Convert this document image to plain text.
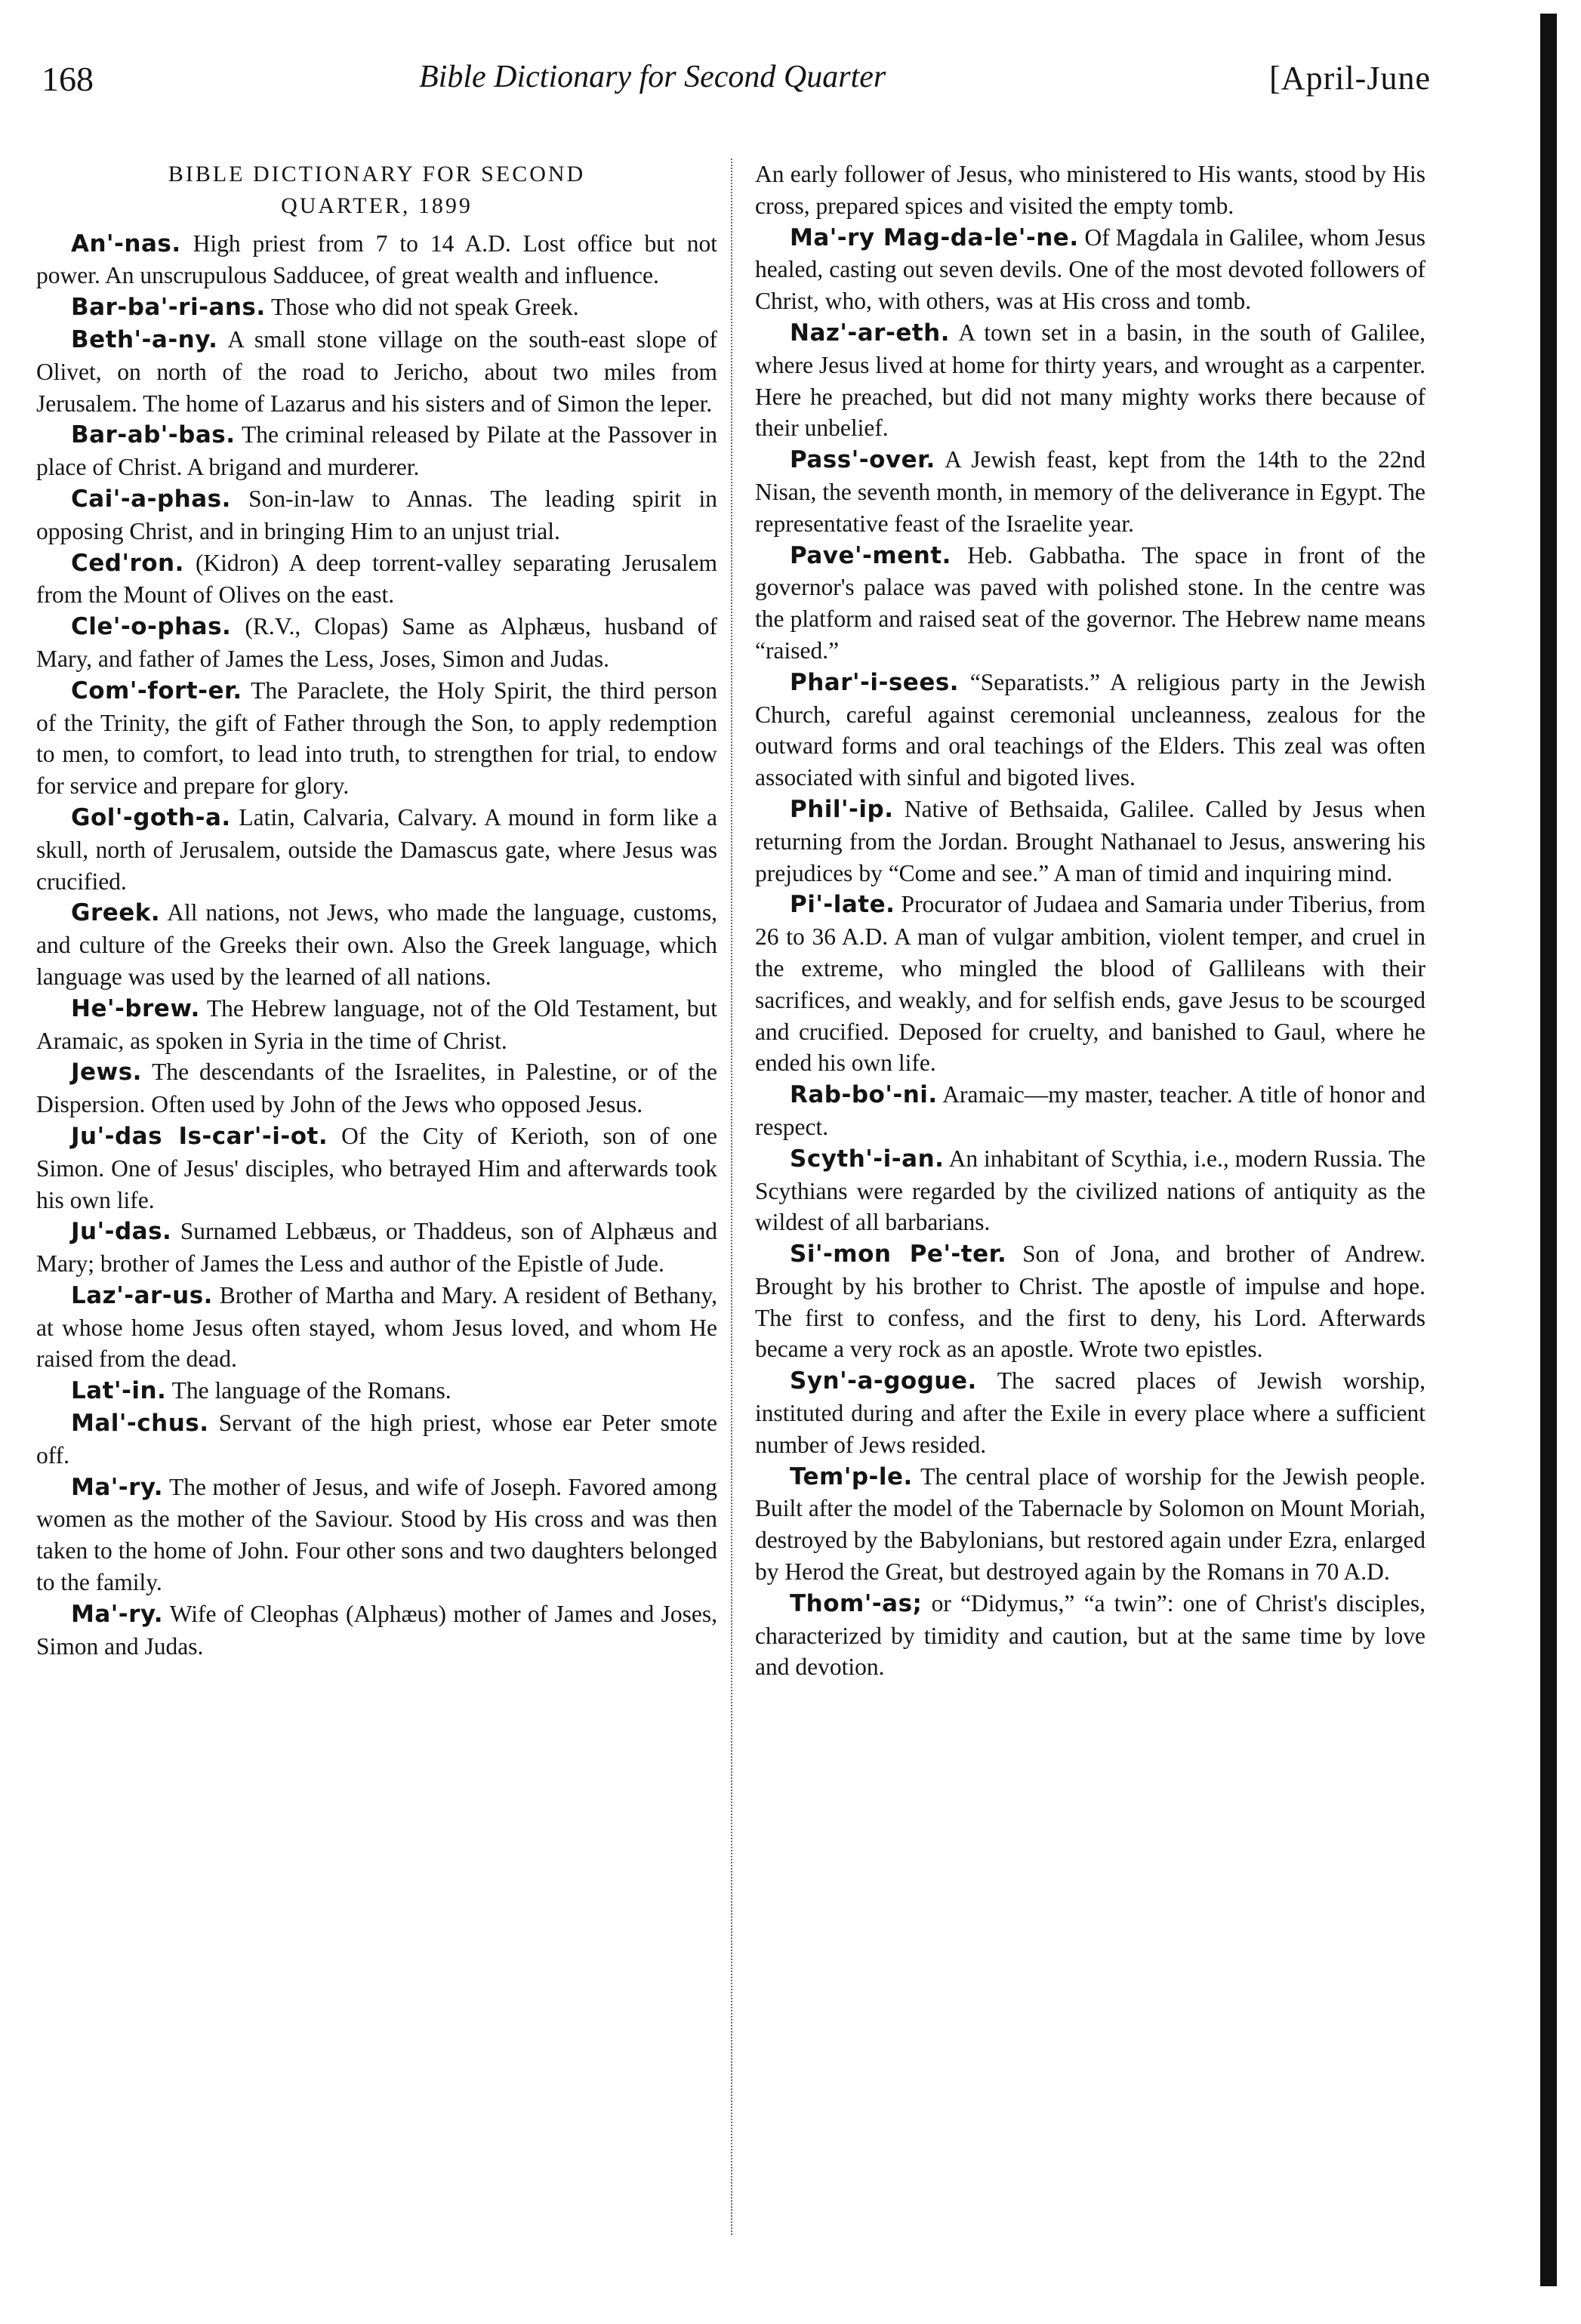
168	Bible Dictionary for Second Quarter	[April-June
BIBLE DICTIONARY FOR SECOND
QUARTER, 1899

An'-nas. High priest from 7 to 14 A.D. Lost office but not power. An unscrupulous Sadducee, of great wealth and influence.

Bar-ba'-ri-ans. Those who did not speak Greek.

Beth'-a-ny. A small stone village on the south-east slope of Olivet, on north of the road to Jericho, about two miles from Jerusalem. The home of Lazarus and his sisters and of Simon the leper.

Bar-ab'-bas. The criminal released by Pilate at the Passover in place of Christ. A brigand and murderer.

Cai'-a-phas. Son-in-law to Annas. The leading spirit in opposing Christ, and in bringing Him to an unjust trial.

Ced'ron. (Kidron) A deep torrent-valley separating Jerusalem from the Mount of Olives on the east.

Cle'-o-phas. (R.V., Clopas) Same as Alphæus, husband of Mary, and father of James the Less, Joses, Simon and Judas.

Com'-fort-er. The Paraclete, the Holy Spirit, the third person of the Trinity, the gift of Father through the Son, to apply redemption to men, to comfort, to lead into truth, to strengthen for trial, to endow for service and prepare for glory.

Gol'-goth-a. Latin, Calvaria, Calvary. A mound in form like a skull, north of Jerusalem, outside the Damascus gate, where Jesus was crucified.

Greek. All nations, not Jews, who made the language, customs, and culture of the Greeks their own. Also the Greek language, which language was used by the learned of all nations.

He'-brew. The Hebrew language, not of the Old Testament, but Aramaic, as spoken in Syria in the time of Christ.

Jews. The descendants of the Israelites, in Palestine, or of the Dispersion. Often used by John of the Jews who opposed Jesus.

Ju'-das Is-car'-i-ot. Of the City of Kerioth, son of one Simon. One of Jesus' disciples, who betrayed Him and afterwards took his own life.

Ju'-das. Surnamed Lebbæus, or Thaddeus, son of Alphæus and Mary; brother of James the Less and author of the Epistle of Jude.

Laz'-ar-us. Brother of Martha and Mary. A resident of Bethany, at whose home Jesus often stayed, whom Jesus loved, and whom He raised from the dead.

Lat'-in. The language of the Romans.

Mal'-chus. Servant of the high priest, whose ear Peter smote off.

Ma'-ry. The mother of Jesus, and wife of Joseph. Favored among women as the mother of the Saviour. Stood by His cross and was then taken to the home of John. Four other sons and two daughters belonged to the family.

Ma'-ry. Wife of Cleophas (Alphæus) mother of James and Joses, Simon and Judas.

An early follower of Jesus, who ministered to His wants, stood by His cross, prepared spices and visited the empty tomb.

Ma'-ry Mag-da-le'-ne. Of Magdala in Galilee, whom Jesus healed, casting out seven devils. One of the most devoted followers of Christ, who, with others, was at His cross and tomb.

Naz'-ar-eth. A town set in a basin, in the south of Galilee, where Jesus lived at home for thirty years, and wrought as a carpenter. Here he preached, but did not many mighty works there because of their unbelief.

Pass'-over. A Jewish feast, kept from the 14th to the 22nd Nisan, the seventh month, in memory of the deliverance in Egypt. The representative feast of the Israelite year.

Pave'-ment. Heb. Gabbatha. The space in front of the governor's palace was paved with polished stone. In the centre was the platform and raised seat of the governor. The Hebrew name means “raised.”

Phar'-i-sees. “Separatists.” A religious party in the Jewish Church, careful against ceremonial uncleanness, zealous for the outward forms and oral teachings of the Elders. This zeal was often associated with sinful and bigoted lives.

Phil'-ip. Native of Bethsaida, Galilee. Called by Jesus when returning from the Jordan. Brought Nathanael to Jesus, answering his prejudices by “Come and see.” A man of timid and inquiring mind.

Pi'-late. Procurator of Judaea and Samaria under Tiberius, from 26 to 36 A.D. A man of vulgar ambition, violent temper, and cruel in the extreme, who mingled the blood of Gallileans with their sacrifices, and weakly, and for selfish ends, gave Jesus to be scourged and crucified. Deposed for cruelty, and banished to Gaul, where he ended his own life.

Rab-bo'-ni. Aramaic—my master, teacher. A title of honor and respect.

Scyth'-i-an. An inhabitant of Scythia, i.e., modern Russia. The Scythians were regarded by the civilized nations of antiquity as the wildest of all barbarians.

Si'-mon Pe'-ter. Son of Jona, and brother of Andrew. Brought by his brother to Christ. The apostle of impulse and hope. The first to confess, and the first to deny, his Lord. Afterwards became a very rock as an apostle. Wrote two epistles.

Syn'-a-gogue. The sacred places of Jewish worship, instituted during and after the Exile in every place where a sufficient number of Jews resided.

Tem'p-le. The central place of worship for the Jewish people. Built after the model of the Tabernacle by Solomon on Mount Moriah, destroyed by the Babylonians, but restored again under Ezra, enlarged by Herod the Great, but destroyed again by the Romans in 70 A.D.

Thom'-as; or “Didymus,” “a twin”: one of Christ's disciples, characterized by timidity and caution, but at the same time by love and devotion.
